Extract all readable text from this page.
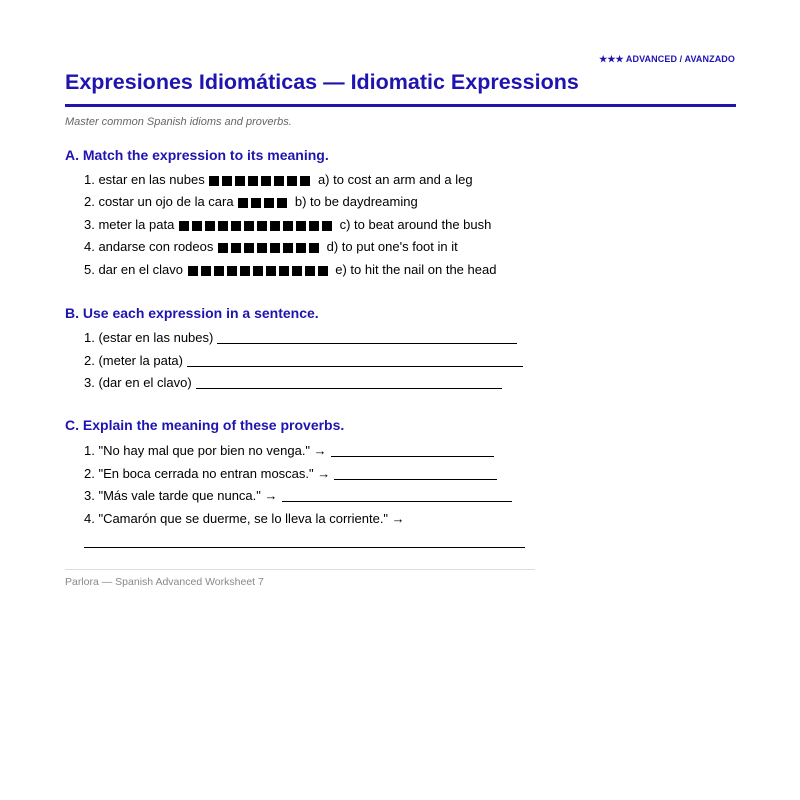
★★★ ADVANCED / AVANZADO
Expresiones Idiomáticas — Idiomatic Expressions
Master common Spanish idioms and proverbs.
A. Match the expression to its meaning.
1. estar en las nubes	a) to cost an arm and a leg
2. costar un ojo de la cara	b) to be daydreaming
3. meter la pata	c) to beat around the bush
4. andarse con rodeos	d) to put one's foot in it
5. dar en el clavo	e) to hit the nail on the head
B. Use each expression in a sentence.
1. (estar en las nubes)
2. (meter la pata)
3. (dar en el clavo)
C. Explain the meaning of these proverbs.
1. "No hay mal que por bien no venga." →
2. "En boca cerrada no entran moscas." →
3. "Más vale tarde que nunca." →
4. "Camarón que se duerme, se lo lleva la corriente." →
Parlora — Spanish Advanced Worksheet 7
